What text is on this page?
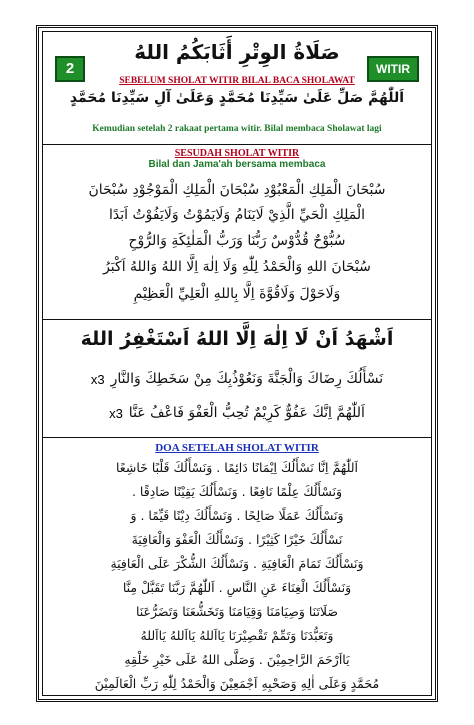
2	WITIR
صَلَاةُ الوِتْرِ أَثَابَكُمُ اللهُ
SEBELUM SHOLAT WITIR BILAL BACA SHOLAWAT
اَللّٰهُمَّ صَلِّ عَلَىٰ سَيِّدِنَا مُحَمَّدٍ وَعَلَىٰ آلِ سَيِّدِنَا مُحَمَّدٍ
Kemudian setelah 2 rakaat pertama witir. Bilal membaca Sholawat lagi
SESUDAH SHOLAT WITIR
Bilal dan Jama'ah bersama membaca
سُبْحَانَ الْمَلِكِ الْمَعْبُوْدِ سُبْحَانَ الْمَلِكِ الْمَوْجُوْدِ سُبْحَانَ
الْمَلِكِ الْحَيِّ الَّذِيْ لَايَنَامُ وَلَايَمُوْتُ وَلَايَفُوْتُ اَبَدًا
سُبُّوْحٌ قُدُّوْسٌ رَبُّنَا وَرَبُّ الْمَلٰئِكَةِ وَالرُّوْحِ
سُبْحَانَ اللهِ وَالْحَمْدُ لِلّٰهِ وَلَا اِلٰهَ اِلَّا اللهُ وَاللهُ اَكْبَرُ
وَلَاحَوْلَ وَلَاقُوَّةَ اِلَّا بِاللهِ الْعَلِيِّ الْعَظِيْمِ
اَشْهَدُ اَنْ لَا اِلٰهَ اِلَّا اللهُ اَسْتَغْفِرُ اللهَ
x3 نَسْأَلُكَ رِضَاكَ وَالْجَنَّةَ وَنَعُوْذُبِكَ مِنْ سَخَطِكَ وَالنَّارِ
x3 اَللّٰهُمَّ اِنَّكَ عَفُوٌّ كَرِيْمٌ تُحِبُّ الْعَفْوَ فَاعْفُ عَنَّا
DOA SETELAH SHOLAT WITIR
اَللّٰهُمَّ اِنَّا نَسْأَلُكَ اِيْمَانًا دَائِمًا . وَنَسْأَلُكَ قَلْبًا خَاشِعًا
وَنَسْأَلُكَ عِلْمًا نَافِعًا . وَنَسْأَلُكَ يَقِيْنًا صَادِقًا .
وَنَسْأَلُكَ عَمَلًا صَالِحًا . وَنَسْأَلُكَ دِيْنًا قَيِّمًا . وَ
نَسْأَلُكَ خَيْرًا كَثِيْرًا . وَنَسْأَلُكَ الْعَفْوَ وَالْعَافِيَةَ
وَنَسْأَلُكَ تَمَامَ الْعَافِيَةِ . وَنَسْأَلُكَ الشُّكْرَ عَلَى الْعَافِيَةِ
وَنَسْأَلُكَ الْغِنَاءَ عَنِ النَّاسِ . اَللّٰهُمَّ رَبَّنَا تَقَبَّلْ مِنَّا
صَلَاتَنَا وَصِيَامَنَا وَقِيَامَنَا وَتَخَشُّعَنَا وَتَضَرُّعَنَا
وَتَعَبُّدَنَا وَتَمِّمْ تَقْصِيْرَنَا يَااَللهُ يَااَللهُ يَااَللهُ
يَااَرْحَمَ الرَّاحِمِيْنَ . وَصَلَّى اللهُ عَلَى خَيْرِ خَلْقِهِ
مُحَمَّدٍ وَعَلَى اٰلِهِ وَصَحْبِهِ اَجْمَعِيْنَ وَالْحَمْدُ لِلّٰهِ رَبِّ الْعَالَمِيْنَ
